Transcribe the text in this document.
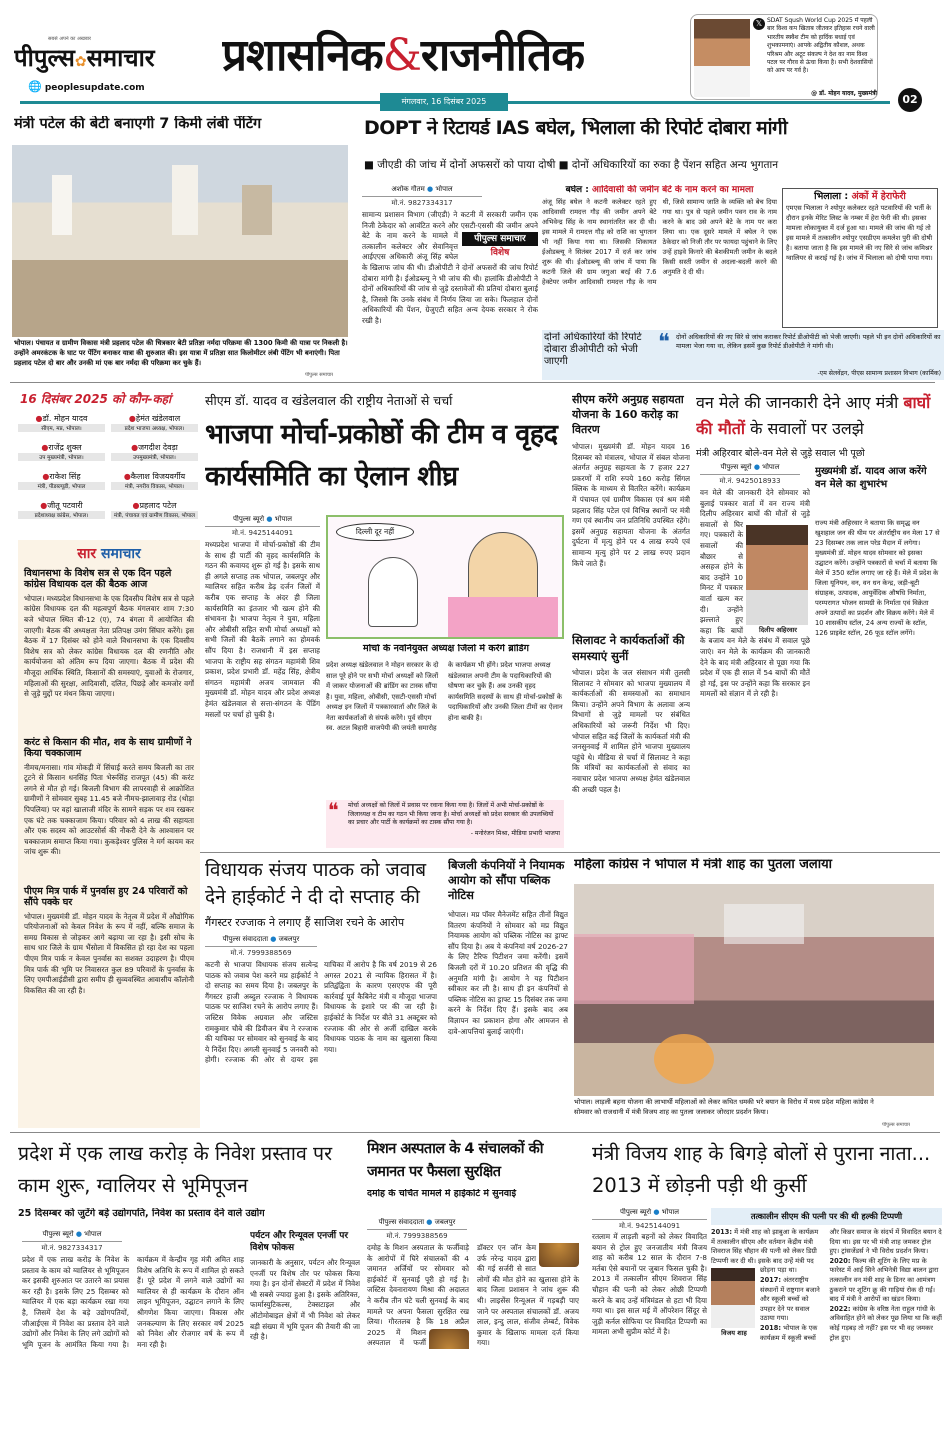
सबसे अपने का अखबार
पीपुल्स✿समाचार
🌐 peoplesupdate.com
प्रशासनिक&राजनीतिक
𝕏 SDAT Sqush World Cup 2025 में पहली बार विश्व कप खिताब जीतकर इतिहास रचने वाली भारतीय स्क्वैश टीम को हार्दिक बधाई एवं शुभकामनाएं। आपके अद्वितीय कौशल, अथक परिश्रम और अटूट संकल्प ने देश का नाम विश्व पटल पर गौरव से ऊंचा किया है। सभी देशवासियों को आप पर गर्व है।
@ डॉ. मोहन यादव, मुख्यमंत्री
मंगलवार, 16 दिसंबर 2025	02
मंत्री पटेल की बेटी बनाएगी 7 किमी लंबी पेंटिंग
भोपाल। पंचायत व ग्रामीण विकास मंत्री प्रहलाद पटेल की चित्रकार बेटी प्रतिज्ञा नर्मदा परिक्रमा की 1300 किमी की यात्रा पर निकली है। उन्होंने अमरकंटक के घाट पर पेंटिंग बनाकर यात्रा की शुरुआत की। इस यात्रा में प्रतिज्ञा सात किलोमीटर लंबी पेंटिंग भी बनाएंगी। पिता प्रहलाद पटेल दो बार और उनकी मां एक बार नर्मदा की परिक्रमा कर चुके हैं।
पीपुल्स समाचार
DOPT ने रिटायर्ड IAS बघेल, भिलाला की रिपोर्ट दोबारा मांगी
■ जीएडी की जांच में दोनों अफसरों को पाया दोषी ■ दोनों अधिकारियों का रुका है पेंशन सहित अन्य भुगतान
अशोक गौतम ● भोपाल
मो.नं. 9827334317
पीपुल्स समाचार
विशेष
सामान्य प्रशासन विभाग (जीएडी) ने कटनी में सरकारी जमीन एक निजी ठेकेदार को आवंटित करने और एसटी-एससी की जमीन अपने बेटे के नाम करने के मामले में तत्कालीन कलेक्टर और सेवानिवृत्त आईएएस अधिकारी अंजू सिंह बघेल के खिलाफ जांच की थी। डीओपीटी ने दोनों अफसरों की जांच रिपोर्ट दोबारा मांगी है। ईओडब्ल्यू ने भी जांच की थी। हालांकि डीओपीटी ने दोनों अधिकारियों की जांच से जुड़े दस्तावेजों की प्रतियां दोबारा बुलाई है, जिससे कि उनके संबंध में निर्णय लिया जा सके। फिलहाल दोनों अधिकारियों की पेंशन, ग्रेजुएटी सहित अन्य देयक सरकार ने रोक रखी है।
बघेल : आदिवासी की जमीन बेटे के नाम करने का मामला
अंजू सिंह बघेल ने कटनी कलेक्टर रहते हुए आदिवासी रामदत्त गौड़ की जमीन अपने बेटे अभिवेन्द्र सिंह के नाम स्थानांतरित कर दी थी। इस मामले में रामदत्त गौड़ को राशि का भुगतान भी नहीं किया गया था। जिसकी शिकायत ईओडब्ल्यू ने सितंबर 2017 में दर्ज कर जांच शुरू की थी। ईओडब्ल्यू की जांच में पाया कि कटनी जिले की ग्राम जगुआ बरई की 7.6 हेक्टेयर जमीन आदिवासी रामदत्त गौड़ के नाम थी, जिसे सामान्य जाति के व्यक्ति को बेच दिया गया था। पुत्र से पहले जमीन पवन राव के नाम करने के बाद उसे अपने बेटे के नाम पर करा लिया था। एक दूसरे मामले में बघेल ने एक ठेकेदार को निजी तौर पर फायदा पहुंचाने के लिए उन्हें हाइवे किनारे की बेशकीमती जमीन के बदले किसी सस्ती जमीन से अदला-बदली करने की अनुमति दे दी थी।
भिलाला : अंकों में हेराफेरी
एमएस भिलाला ने श्योपुर कलेक्टर रहते पटवारियों की भर्ती के दौरान इनके मेरिट लिस्ट के नम्बर में हेरा फेरी की थी। इसका मामला लोकायुक्त में दर्ज हुआ था। मामले की जांच की गई तो इस मामले में तत्कालीन श्योपुर एसडीएम कमलेश पुरी की दोषी है। बताया जाता है कि इस मामले की नए सिरे से जांच कमिश्नर ग्वालियर से कराई गई है। जांच में भिलाला को दोषी पाया गया।
दोनों अधिकारियों की रिपोर्ट दोबारा डीओपीटी को भेजी जाएगी
❝ दोनों अधिकारियों की नए सिरे से जांच कराकर रिपोर्ट डीओपीटी को भेजी जाएगी। पहले भी इन दोनों अधिकारियों का मामला भेजा गया था, लेकिन इसमें कुछ रिपोर्ट डीओपीटी ने मांगी थी।
-एम सेलवेंद्रन, पीएस सामान्य प्रशासन विभाग (कार्मिक)
16 दिसंबर 2025 को कौन-कहां
●डॉ. मोहन यादव
सीएम, मप्र, भोपाल।
●हेमंत खंडेलवाल
प्रदेश भाजपा अध्यक्ष, भोपाल।
●राजेंद्र शुक्ल
उप मुख्यमंत्री, भोपाल।
●जगदीश देवड़ा
उपमुख्यमंत्री, भोपाल।
●राकेश सिंह
मंत्री, पीडब्ल्यूडी, भोपाल
●कैलाश विजयवर्गीय
मंत्री, नगरीय विकास, भोपाल।
●जीतू पटवारी
प्रदेशाध्यक्ष कांग्रेस, भोपाल।
●प्रहलाद पटेल
मंत्री, पंचायत एवं ग्रामीण विकास, भोपाल
सार समाचार
विधानसभा के विशेष सत्र से एक दिन पहले कांग्रेस विधायक दल की बैठक आज
भोपाल। मध्यप्रदेश विधानसभा के एक दिवसीय विशेष सत्र से पहले कांग्रेस विधायक दल की महत्वपूर्ण बैठक मंगलवार शाम 7:30 बजे भोपाल स्थित बी-12 (ए), 74 बंगला में आयोजित की जाएगी। बैठक की अध्यक्षता नेता प्रतिपक्ष उमंग सिंघार करेंगे। इस बैठक में 17 दिसंबर को होने वाले विधानसभा के एक दिवसीय विशेष सत्र को लेकर कांग्रेस विधायक दल की रणनीति और कार्ययोजना को अंतिम रूप दिया जाएगा। बैठक में प्रदेश की मौजूदा आर्थिक स्थिति, किसानों की समस्याएं, युवाओं के रोजगार, महिलाओं की सुरक्षा, आदिवासी, दलित, पिछड़े और कमजोर वर्गों से जुड़े मुद्दों पर मंथन किया जाएगा।
करंट से किसान की मौत, शव के साथ ग्रामीणों ने किया चक्काजाम
नीमच/मनासा। गांव मोकड़ी में सिंचाई करते समय बिजली का तार टूटने से किसान धनसिंह पिता भेरूसिंह राजपूत (45) की करंट लगने से मौत हो गई। बिजली विभाग की लापरवाही से आक्रोशित ग्रामीणों ने सोमवार सुबह 11.45 बजे नीमच-झालावाड़ रोड (थोड़ा पिपलिया) पर वहां खालाजी मंदिर के सामने सड़क पर शव रखकर एक घंटे तक चक्काजाम किया। परिवार को 4 लाख की सहायता और एक सदस्य को आउटसोर्स की नौकरी देने के आश्वासन पर चक्काजाम समाप्त किया गया। कुकड़ेश्वर पुलिस ने मर्ग कायम कर जांच शुरू की।
पीएम मित्र पार्क में पुनर्वास हुए 24 परिवारों को सौंपे पक्के घर
भोपाल। मुख्यमंत्री डॉ. मोहन यादव के नेतृत्व में प्रदेश में औद्योगिक परियोजनाओं को केवल निवेश के रूप में नहीं, बल्कि समाज के समग्र विकास से जोड़कर आगे बढ़ाया जा रहा है। इसी सोच के साथ धार जिले के ग्राम भैंसोला में विकसित हो रहा देश का पहला पीएम मित्र पार्क न केवल पुनर्वास का सशक्त उदाहरण है। पीएम मित्र पार्क की भूमि पर निवासरत कुल 89 परिवारों के पुनर्वास के लिए एमपीआईडीसी द्वारा समीप ही सुव्यवस्थित आवासीय कॉलोनी विकसित की जा रही है।
सीएम डॉ. यादव व खंडेलवाल की राष्ट्रीय नेताओं से चर्चा
भाजपा मोर्चा-प्रकोष्ठों की टीम व वृहद कार्यसमिति का ऐलान शीघ्र
पीपुल्स ब्यूरो ● भोपाल
मो.नं. 9425144091
मध्यप्रदेश भाजपा में मोर्चा-प्रकोष्ठों की टीम के साथ ही पार्टी की वृहद कार्यसमिति के गठन की कवायद शुरू हो गई है। इसके साथ ही अगले सप्ताह तक भोपाल, जबलपुर और ग्वालियर सहित करीब डेढ़ दर्जन जिलों में करीब एक सप्ताह के अंदर ही जिला कार्यसमिति का इंतजार भी खत्म होने की संभावना है। भाजपा नेतृत्व ने युवा, महिला और ओबीसी सहित सभी मोर्चा अध्यक्षों को सभी जिलों की बैठकें लगाने का होमवर्क सौंप दिया है। राजधानी में इस सप्ताह भाजपा के राष्ट्रीय सह संगठन महामंत्री शिव प्रकाश, प्रदेश प्रभारी डॉ. महेंद्र सिंह, क्षेत्रीय संगठन महामंत्री अजय जामवाल की मुख्यमंत्री डॉ. मोहन यादव और प्रदेश अध्यक्ष हेमंत खंडेलवाल से सत्ता-संगठन के पेंडिंग मसलों पर चर्चा हो चुकी है।
दिल्ली दूर नहीं
मोर्चा के नवनियुक्त अध्यक्ष जिलों में करेंगे ब्रांडिंग
प्रदेश अध्यक्ष खंडेलवाल ने मोहन सरकार के दो साल पूरे होने पर सभी मोर्चा अध्यक्षों को जिलों में जाकर योजनाओं की ब्रांडिंग का टास्क सौंपा है। युवा, महिला, ओबीसी, एसटी-एससी मोर्चा अध्यक्ष इन जिलों में पत्रकारवार्ता और जिले के नेता कार्यकर्ताओं से संपर्क करेंगे। पूर्व सीएम स्व. अटल बिहारी वाजपेयी की जयंती समारोह के कार्यक्रम भी होंगे। प्रदेश भाजपा अध्यक्ष खंडेलवाल अपनी टीम के पदाधिकारियों की घोषणा कर चुके हैं। अब उनकी वृहद कार्यसमिति सदस्यों के साथ ही मोर्चा-प्रकोष्ठों के पदाधिकारियों और उनकी जिला टीमों का ऐलान होना बाकी है।
❝ मोर्चा अध्यक्षों को जिलों में प्रवास पर रवाना किया गया है। जिलों में अभी मोर्चा-प्रकोष्ठों के जिलाध्यक्ष व टीम का गठन भी किया जाना है। मोर्चा अध्यक्षों को प्रदेश सरकार की उपलब्धियों का प्रचार और पार्टी के कार्यक्रमों का टास्क सौंपा गया है।
- मनोरंजन मिश्रा, मीडिया प्रभारी भाजपा
सीएम करेंगे अनुग्रह सहायता योजना के 160 करोड़ का वितरण
भोपाल। मुख्यमंत्री डॉ. मोहन यादव 16 दिसम्बर को मंत्रालय, भोपाल में संबल योजना अंतर्गत अनुग्रह सहायता के 7 हजार 227 प्रकरणों में राशि रुपये 160 करोड़ सिंगल क्लिक के माध्यम से वितरित करेंगे। कार्यक्रम में पंचायत एवं ग्रामीण विकास एवं श्रम मंत्री प्रहलाद सिंह पटेल एवं विभिन्न स्थानों पर मंत्री गण एवं स्थानीय जन प्रतिनिधि उपस्थित रहेंगे। इसमें अनुग्रह सहायता योजना के अंतर्गत दुर्घटना में मृत्यु होने पर 4 लाख रुपये एवं सामान्य मृत्यु होने पर 2 लाख रुपए प्रदान किये जाते हैं।
सिलावट ने कार्यकर्ताओं की समस्याएं सुनीं
भोपाल। प्रदेश के जल संसाधन मंत्री तुलसी सिलावट ने सोमवार को भाजपा मुख्यालय में कार्यकर्ताओं की समस्याओं का समाधान किया। उन्होंने अपने विभाग के अलावा अन्य विभागों से जुड़े मामलों पर संबंधित अधिकारियों को जरूरी निर्देश भी दिए। भोपाल सहित कई जिलों के कार्यकर्ता मंत्री की जनसुनवाई में शामिल होने भाजपा मुख्यालय पहुंचे थे। मीडिया से चर्चा में सिलावट ने कहा कि मंत्रियों का कार्यकर्ताओं से संवाद का नवाचार प्रदेश भाजपा अध्यक्ष हेमंत खंडेलवाल की अच्छी पहल है।
वन मेले की जानकारी देने आए मंत्री बाघों की मौतों के सवालों पर उलझे
मंत्री अहिरवार बोले-वन मेले से जुड़े सवाल भी पूछो
पीपुल्स ब्यूरो ● भोपाल
मो.नं. 9425018933
दिलीप अहिरवार
वन मेले की जानकारी देने सोमवार को बुलाई पत्रकार वार्ता में वन राज्य मंत्री दिलीप अहिरवार बाघों की मौतों से जुड़े सवालों से घिर गए। पत्रकारों के सवालों की बौछार से असहज होने के बाद उन्होंने 10 मिनट में पत्रकार वार्ता खत्म कर दी। उन्होंने झल्लाते हुए कहा कि बाघों के बजाय वन मेले के संबंध में सवाल पूछे जाएं। वन मेले के कार्यक्रम की जानकारी देने के बाद मंत्री अहिरवार से पूछा गया कि प्रदेश में एक ही साल में 54 बाघों की मौतें हो गई, इस पर उन्होंने कहा कि सरकार इन मामलों को संज्ञान में ले रही है।
मुख्यमंत्री डॉ. यादव आज करेंगे वन मेले का शुभारंभ
राज्य मंत्री अहिरवार ने बताया कि समृद्ध वन खुशहाल जन की थीम पर अंतर्राष्ट्रीय वन मेला 17 से 23 दिसम्बर तक लाल परेड मैदान में लगेगा। मुख्यमंत्री डॉ. मोहन यादव सोमवार को इसका उद्घाटन करेंगे। उन्होंने पत्रकारों से चर्चा में बताया कि मेले में 350 स्टॉल लगाए जा रहे हैं। मेले में प्रदेश के जिला यूनियन, वन, वन धन केन्द्र, जड़ी-बूटी संग्राहक, उत्पादक, आयुर्वेदिक औषधि निर्माता, परम्परागत भोजन सामग्री के निर्माता एवं विक्रेता अपने उत्पादों का प्रदर्शन और विक्रय करेंगे। मेले में 10 शासकीय स्टॉल, 24 अन्य राज्यों के स्टॉल, 126 प्राइवेट स्टॉल, 26 फूड स्टॉल लगेंगे।
विधायक संजय पाठक को जवाब देने हाईकोर्ट ने दी दो सप्ताह की
गैंगस्टर रज्जाक ने लगाए हैं साजिश रचने के आरोप
पीपुल्स संवाददाता ● जबलपुर
मो.नं. 7999388569
कटनी से भाजपा विधायक संजय सत्येन्द्र पाठक को जवाब पेश करने मप्र हाईकोर्ट ने दो सप्ताह का समय दिया है। जबलपुर के गैंगस्टर हाजी अब्दुल रज्जाक ने विधायक पाठक पर साजिश रचने के आरोप लगाए हैं। जस्टिस विवेक अग्रवाल और जस्टिस रामकुमार चौबे की डिवीजन बेंच ने रज्जाक की याचिका पर सोमवार को सुनवाई के बाद ये निर्देश दिए। अगली सुनवाई 5 जनवरी को होगी। रज्जाक की ओर से दायर इस याचिका में आरोप है कि वर्ष 2019 से 26 अगस्त 2021 से न्यायिक हिरासत में है। प्रतिद्वंद्विता के कारण एसएएफ की पूरी कार्रवाई पूर्व कैबिनेट मंत्री व मौजूदा भाजपा विधायक के इशारे पर की जा रही है। हाईकोर्ट के निर्देश पर बीते 31 अक्टूबर को रज्जाक की ओर से अर्जी दाखिल करके विधायक पाठक के नाम का खुलासा किया गया।
बिजली कंपनियों ने नियामक आयोग को सौंपा पब्लिक नोटिस
भोपाल। मप्र पॉवर मैनेजमेंट सहित तीनों विद्युत वितरण कंपनियों ने सोमवार को मप्र विद्युत नियामक आयोग को पब्लिक नोटिस का ड्राफ्ट सौंप दिया है। अब ये कंपनियां वर्ष 2026-27 के लिए टैरिफ पिटीशन जमा करेंगी। इसमें बिजली दरों में 10.20 प्रतिशत की वृद्धि की अनुमति मांगी है। आयोग ने यह पिटीशन स्वीकार कर ली है। साथ ही इन कंपनियों से पब्लिक नोटिस का ड्राफ्ट 15 दिसंबर तक जमा करने के निर्देश दिए हैं। इसके बाद अब विज्ञापन का प्रकाशन होगा और आमजन से दावे-आपत्तियां बुलाई जाएंगी।
महिला कांग्रेस ने भोपाल में मंत्री शाह का पुतला जलाया
भोपाल। लाड़ली बहना योजना की लाभार्थी महिलाओं को लेकर कथित धमकी भरे बयान के विरोध में मध्य प्रदेश महिला कांग्रेस ने सोमवार को राजधानी में मंत्री विजय शाह का पुतला जलाकर जोरदार प्रदर्शन किया।
पीपुल्स समाचार
प्रदेश में एक लाख करोड़ के निवेश प्रस्ताव पर काम शुरू, ग्वालियर से भूमिपूजन
25 दिसम्बर को जुटेंगे बड़े उद्योगपति, निवेश का प्रस्ताव देने वाले उद्योग
पीपुल्स ब्यूरो ● भोपाल
मो.नं. 9827334317
प्रदेश में एक लाख करोड़ के निवेश के प्रस्ताव के काम को ग्वालियर से भूमिपूजन कर इसकी शुरुआत पर उतारने का प्रयास कर रही है। इसके लिए 25 दिसम्बर को ग्वालियर में एक बड़ा कार्यक्रम रखा गया है, जिसमें देश के बड़े उद्योगपतियों, जीआईएस में निवेश का प्रस्ताव देने वाले उद्योगों और निवेश के लिए लगे उद्योगों को भूमि पूजन के आमंत्रित किया गया है। कार्यक्रम में केन्द्रीय गृह मंत्री अमित शाह विशेष अतिथि के रूप में शामिल हो सकते हैं। पूरे प्रदेश में लगने वाले उद्योगों का ग्वालियर से ही कार्यक्रम के दौरान ऑन लाइन भूमिपूजन, उद्घाटन लगाने के लिए श्रीगणेश किया जाएगा। विकास और जनकल्याण के लिए सरकार वर्ष 2025 को निवेश और रोजगार वर्ष के रूप में मना रही है।
पर्यटन और रिन्यूवल एनर्जी पर विशेष फोकस
जानकारी के अनुसार, पर्यटन और रिन्यूवल एनर्जी पर विशेष तौर पर फोकस किया गया है। इन दोनों सेक्टरों में प्रदेश में निवेश भी सबसे ज्यादा हुआ है। इसके अतिरिक्त, फार्मास्युटिकल्स, टेक्सटाइल और ऑटोमोबाइल क्षेत्रों में भी निवेश को लेकर बड़ी संख्या में भूमि पूजन की तैयारी की जा रही है।
मिशन अस्पताल के 4 संचालकों की जमानत पर फैसला सुरक्षित
दमोह के चर्चित मामले में हाईकोर्ट में सुनवाई
पीपुल्स संवाददाता ● जबलपुर
मो.नं. 7999388569
दमोह के मिशन अस्पताल के फर्जीवाड़े के आरोपों में घिरे संचालकों की 4 जमानत अर्जियों पर सोमवार को हाईकोर्ट में सुनवाई पूरी हो गई है। जस्टिस देवनारायण मिश्रा की अदालत ने करीब तीन घंटे चली सुनवाई के बाद मामले पर अपना फैसला सुरक्षित रख लिया। गौरतलब है कि 18 अप्रैल 2025 में मिशन अस्पताल में फर्जी डॉक्टर एन जॉन केम उर्फ नरेन्द्र यादव द्वारा की गई सर्जरी से सात लोगों की मौत होने का खुलासा होने के बाद जिला प्रशासन ने जांच शुरू की थी। लाइसेंस रिन्यूअल में गड़बड़ी पाए जाने पर अस्पताल संचालकों डॉ. अजय लाल, इन्दु लाल, संजीव लेम्बर्ट, विवेक कुमार के खिलाफ मामला दर्ज किया गया।
मंत्री विजय शाह के बिगड़े बोलों से पुराना नाता... 2013 में छोड़नी पड़ी थी कुर्सी
पीपुल्स ब्यूरो ● भोपाल
मो.नं. 9425144091
रतलाम में लाड़ली बहनों को लेकर विवादित बयान से ट्रोल हुए जनजातीय मंत्री विजय शाह को करीब 12 साल के दौरान 7-8 मर्तबा ऐसे बयानों पर जुबान फिसल चुकी है। 2013 में तत्कालीन सीएम शिवराज सिंह चौहान की पत्नी को लेकर ओछी टिप्पणी करने के बाद उन्हें मंत्रिमंडल से हटा भी दिया गया था। इस साल मई में ऑपरेशन सिंदूर से जुड़ी कर्नल सोफिया पर विवादित टिप्पणी का मामला अभी सुप्रीम कोर्ट में है।
तत्कालीन सीएम की पत्नी पर की थी हल्की टिप्पणी
विजय शाह
2013: में मंत्री शाह को झाबुआ के कार्यक्रम में तत्कालीन सीएम और वर्तमान केंद्रीय मंत्री शिवराज सिंह चौहान की पत्नी को लेकर डिग्री टिप्पणी कर दी थी। इसके बाद उन्हें मंत्री पद छोड़ना पड़ा था।
2017: अंतरराष्ट्रीय संस्थानों में राष्ट्रगान बजाने और स्कूली बच्चों को उपहार देने पर सवाल उठाया गया।
2018: भोपाल के एक कार्यक्रम में स्कूली बच्चों और किन्नर समाज के संदर्भ में विवादित बयान दे दिया था। इस पर भी मंत्री शाह जमकर ट्रोल हुए। ट्रांसजेंडर्स ने भी विरोध प्रदर्शन किया।
2020: फिल्म की शूटिंग के लिए मप्र के फारेस्ट में आईं सिने अभिनेत्री विद्या बालन द्वारा तत्कालीन वन मंत्री शाह के डिनर का आमंत्रण ठुकराने पर शूटिंग क्रू की गाड़ियां रोक दी गईं। बाद में मंत्री ने आरोपों का खंडन किया।
2022: कांग्रेस के वरिष्ठ नेता राहुल गांधी के अविवाहित होने को लेकर पूछ लिया था कि कहीं कोई गड़बड़ तो नहीं? इस पर भी वह जमकर ट्रोल हुए।
